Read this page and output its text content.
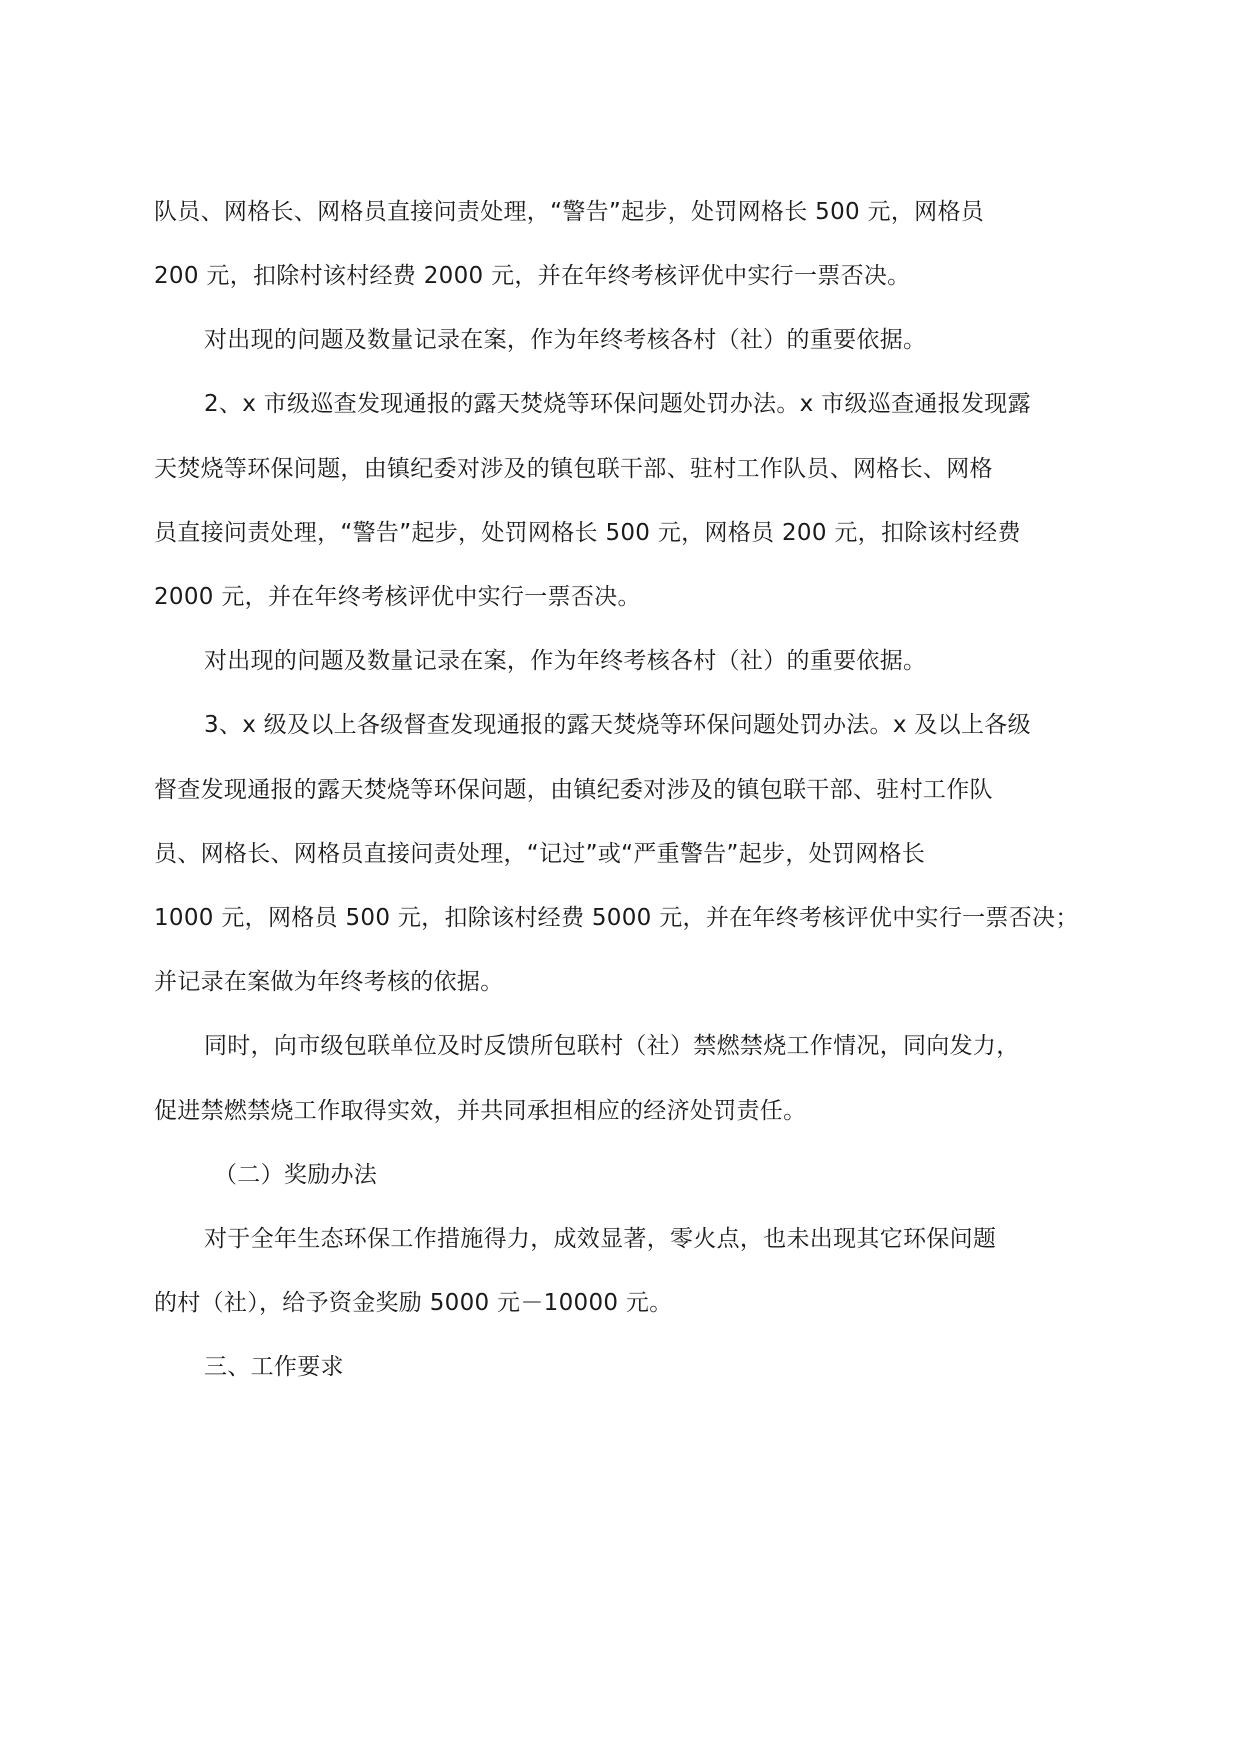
队员、网格长、网格员直接问责处理，“警告”起步，处罚网格长 500 元，网格员
200 元，扣除村该村经费 2000 元，并在年终考核评优中实行一票否决。
对出现的问题及数量记录在案，作为年终考核各村（社）的重要依据。
2、x 市级巡查发现通报的露天焚烧等环保问题处罚办法。x 市级巡查通报发现露
天焚烧等环保问题，由镇纪委对涉及的镇包联干部、驻村工作队员、网格长、网格
员直接问责处理，“警告”起步，处罚网格长 500 元，网格员 200 元，扣除该村经费
2000 元，并在年终考核评优中实行一票否决。
对出现的问题及数量记录在案，作为年终考核各村（社）的重要依据。
3、x 级及以上各级督查发现通报的露天焚烧等环保问题处罚办法。x 及以上各级
督查发现通报的露天焚烧等环保问题，由镇纪委对涉及的镇包联干部、驻村工作队
员、网格长、网格员直接问责处理，“记过”或“严重警告”起步，处罚网格长
1000 元，网格员 500 元，扣除该村经费 5000 元，并在年终考核评优中实行一票否决；
并记录在案做为年终考核的依据。
同时，向市级包联单位及时反馈所包联村（社）禁燃禁烧工作情况，同向发力，
促进禁燃禁烧工作取得实效，并共同承担相应的经济处罚责任。
（二）奖励办法
对于全年生态环保工作措施得力，成效显著，零火点，也未出现其它环保问题
的村（社），给予资金奖励 5000 元－10000 元。
三、工作要求
